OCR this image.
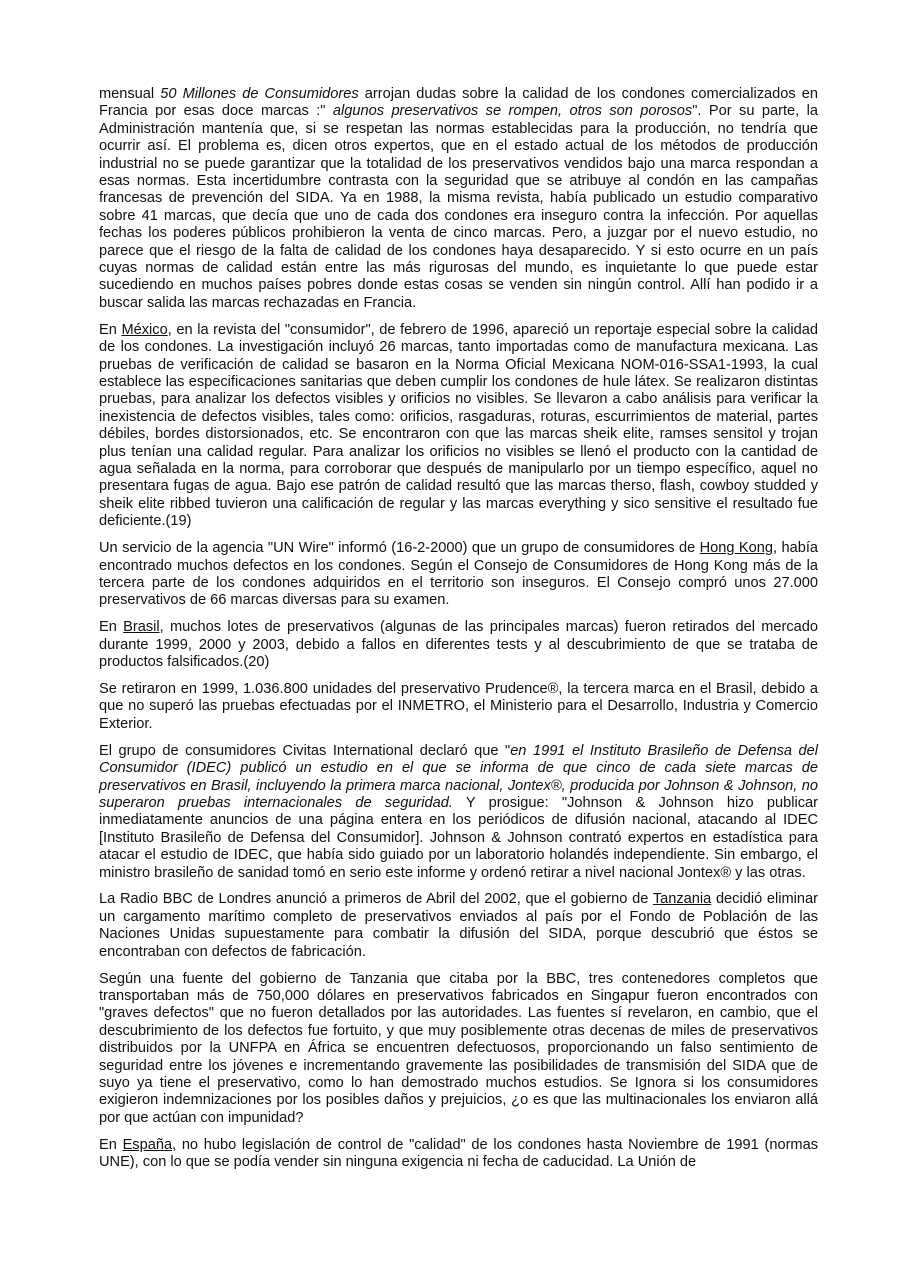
mensual 50 Millones de Consumidores arrojan dudas sobre la calidad de los condones comercializados en Francia por esas doce marcas :" algunos preservativos se rompen, otros son porosos". Por su parte, la Administración mantenía que, si se respetan las normas establecidas para la producción, no tendría que ocurrir así. El problema es, dicen otros expertos, que en el estado actual de los métodos de producción industrial no se puede garantizar que la totalidad de los preservativos vendidos bajo una marca respondan a esas normas. Esta incertidumbre contrasta con la seguridad que se atribuye al condón en las campañas francesas de prevención del SIDA. Ya en 1988, la misma revista, había publicado un estudio comparativo sobre 41 marcas, que decía que uno de cada dos condones era inseguro contra la infección. Por aquellas fechas los poderes públicos prohibieron la venta de cinco marcas. Pero, a juzgar por el nuevo estudio, no parece que el riesgo de la falta de calidad de los condones haya desaparecido. Y si esto ocurre en un país cuyas normas de calidad están entre las más rigurosas del mundo, es inquietante lo que puede estar sucediendo en muchos países pobres donde estas cosas se venden sin ningún control. Allí han podido ir a buscar salida las marcas rechazadas en Francia.

En México, en la revista del "consumidor", de febrero de 1996, apareció un reportaje especial sobre la calidad de los condones. La investigación incluyó 26 marcas, tanto importadas como de manufactura mexicana. Las pruebas de verificación de calidad se basaron en la Norma Oficial Mexicana NOM-016-SSA1-1993, la cual establece las especificaciones sanitarias que deben cumplir los condones de hule látex. Se realizaron distintas pruebas, para analizar los defectos visibles y orificios no visibles. Se llevaron a cabo análisis para verificar la inexistencia de defectos visibles, tales como: orificios, rasgaduras, roturas, escurrimientos de material, partes débiles, bordes distorsionados, etc. Se encontraron con que las marcas sheik elite, ramses sensitol y trojan plus tenían una calidad regular. Para analizar los orificios no visibles se llenó el producto con la cantidad de agua señalada en la norma, para corroborar que después de manipularlo por un tiempo específico, aquel no presentara fugas de agua. Bajo ese patrón de calidad resultó que las marcas therso, flash, cowboy studded y sheik elite ribbed tuvieron una calificación de regular y las marcas everything y sico sensitive el resultado fue deficiente.(19)

Un servicio de la agencia "UN Wire" informó (16-2-2000) que un grupo de consumidores de Hong Kong, había encontrado muchos defectos en los condones. Según el Consejo de Consumidores de Hong Kong más de la tercera parte de los condones adquiridos en el territorio son inseguros. El Consejo compró unos 27.000 preservativos de 66 marcas diversas para su examen.

En Brasil, muchos lotes de preservativos (algunas de las principales marcas) fueron retirados del mercado durante 1999, 2000 y 2003, debido a fallos en diferentes tests y al descubrimiento de que se trataba de productos falsificados.(20)

Se retiraron en 1999, 1.036.800 unidades del preservativo Prudence®, la tercera marca en el Brasil, debido a que no superó las pruebas efectuadas por el INMETRO, el Ministerio para el Desarrollo, Industria y Comercio Exterior.

El grupo de consumidores Civitas International declaró que "en 1991 el Instituto Brasileño de Defensa del Consumidor (IDEC) publicó un estudio en el que se informa de que cinco de cada siete marcas de preservativos en Brasil, incluyendo la primera marca nacional, Jontex®, producida por Johnson & Johnson, no superaron pruebas internacionales de seguridad. Y prosigue: "Johnson & Johnson hizo publicar inmediatamente anuncios de una página entera en los periódicos de difusión nacional, atacando al IDEC [Instituto Brasileño de Defensa del Consumidor]. Johnson & Johnson contrató expertos en estadística para atacar el estudio de IDEC, que había sido guiado por un laboratorio holandés independiente. Sin embargo, el ministro brasileño de sanidad tomó en serio este informe y ordenó retirar a nivel nacional Jontex® y las otras.

La Radio BBC de Londres anunció a primeros de Abril del 2002, que el gobierno de Tanzania decidió eliminar un cargamento marítimo completo de preservativos enviados al país por el Fondo de Población de las Naciones Unidas supuestamente para combatir la difusión del SIDA, porque descubrió que éstos se encontraban con defectos de fabricación.

Según una fuente del gobierno de Tanzania que citaba por la BBC, tres contenedores completos que transportaban más de 750,000 dólares en preservativos fabricados en Singapur fueron encontrados con "graves defectos" que no fueron detallados por las autoridades. Las fuentes sí revelaron, en cambio, que el descubrimiento de los defectos fue fortuito, y que muy posiblemente otras decenas de miles de preservativos distribuidos por la UNFPA en África se encuentren defectuosos, proporcionando un falso sentimiento de seguridad entre los jóvenes e incrementando gravemente las posibilidades de transmisión del SIDA que de suyo ya tiene el preservativo, como lo han demostrado muchos estudios. Se Ignora si los consumidores exigieron indemnizaciones por los posibles daños y prejuicios, ¿o es que las multinacionales los enviaron allá por que actúan con impunidad?

En España, no hubo legislación de control de "calidad" de los condones hasta Noviembre de 1991 (normas UNE), con lo que se podía vender sin ninguna exigencia ni fecha de caducidad. La Unión de
